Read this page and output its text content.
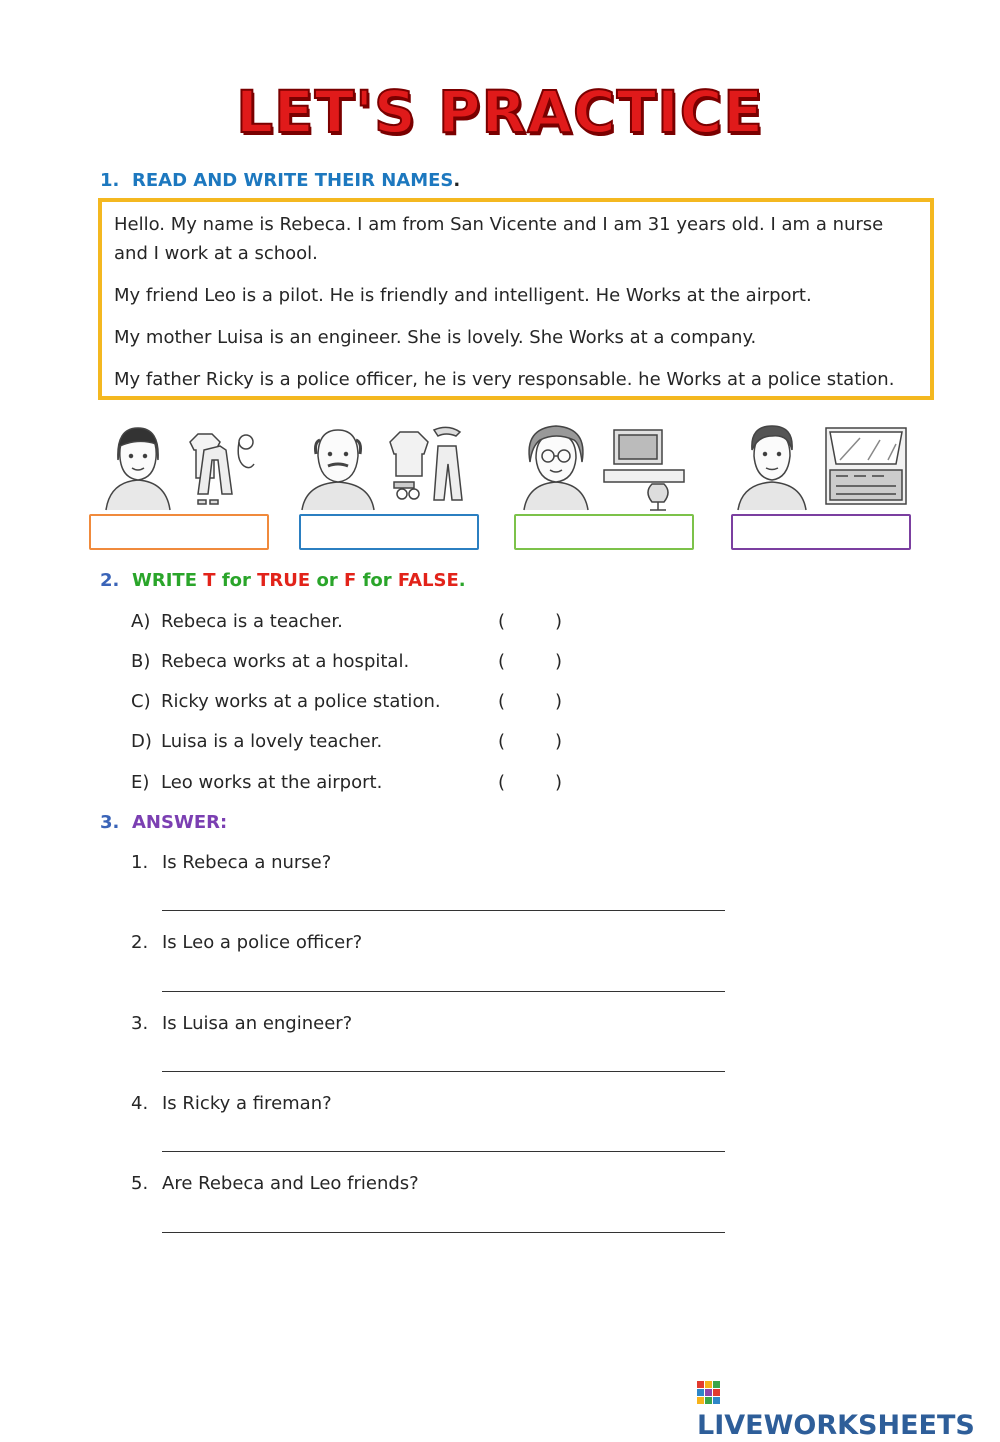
LET'S PRACTICE
1. READ AND WRITE THEIR NAMES.

Hello. My name is Rebeca. I am from San Vicente and I am 31 years old. I am a nurse and I work at a school.

My friend Leo is a pilot. He is friendly and intelligent. He Works at the airport.

My mother Luisa is an engineer. She is lovely. She Works at a company.

My father Ricky is a police officer, he is very responsable. he Works at a police station.

2. WRITE T for TRUE or F for FALSE.
A) Rebeca is a teacher.	(	)
B) Rebeca works at a hospital.	(	)
C) Ricky works at a police station.	(	)
D) Luisa is a lovely teacher.	(	)
E) Leo works at the airport.	(	)
3. ANSWER:
1. Is Rebeca a nurse?
2. Is Leo a police officer?
3. Is Luisa an engineer?
4. Is Ricky a fireman?
5. Are Rebeca and Leo friends?
LIVEWORKSHEETS
